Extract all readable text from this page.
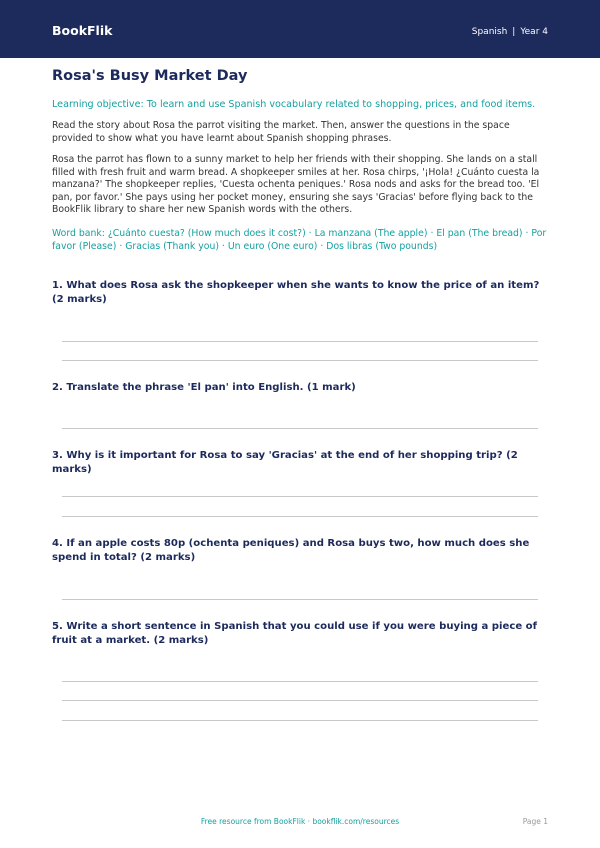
BookFlik	Spanish | Year 4
Rosa's Busy Market Day

Learning objective: To learn and use Spanish vocabulary related to shopping, prices, and food items.

Read the story about Rosa the parrot visiting the market. Then, answer the questions in the space provided to show what you have learnt about Spanish shopping phrases.

Rosa the parrot has flown to a sunny market to help her friends with their shopping. She lands on a stall filled with fresh fruit and warm bread. A shopkeeper smiles at her. Rosa chirps, '¡Hola! ¿Cuánto cuesta la manzana?' The shopkeeper replies, 'Cuesta ochenta peniques.' Rosa nods and asks for the bread too. 'El pan, por favor.' She pays using her pocket money, ensuring she says 'Gracias' before flying back to the BookFlik library to share her new Spanish words with the others.

Word bank: ¿Cuánto cuesta? (How much does it cost?) · La manzana (The apple) · El pan (The bread) · Por favor (Please) · Gracias (Thank you) · Un euro (One euro) · Dos libras (Two pounds)

1. What does Rosa ask the shopkeeper when she wants to know the price of an item? (2 marks)

2. Translate the phrase 'El pan' into English. (1 mark)

3. Why is it important for Rosa to say 'Gracias' at the end of her shopping trip? (2 marks)

4. If an apple costs 80p (ochenta peniques) and Rosa buys two, how much does she spend in total? (2 marks)

5. Write a short sentence in Spanish that you could use if you were buying a piece of fruit at a market. (2 marks)

Free resource from BookFlik · bookflik.com/resources	Page 1
